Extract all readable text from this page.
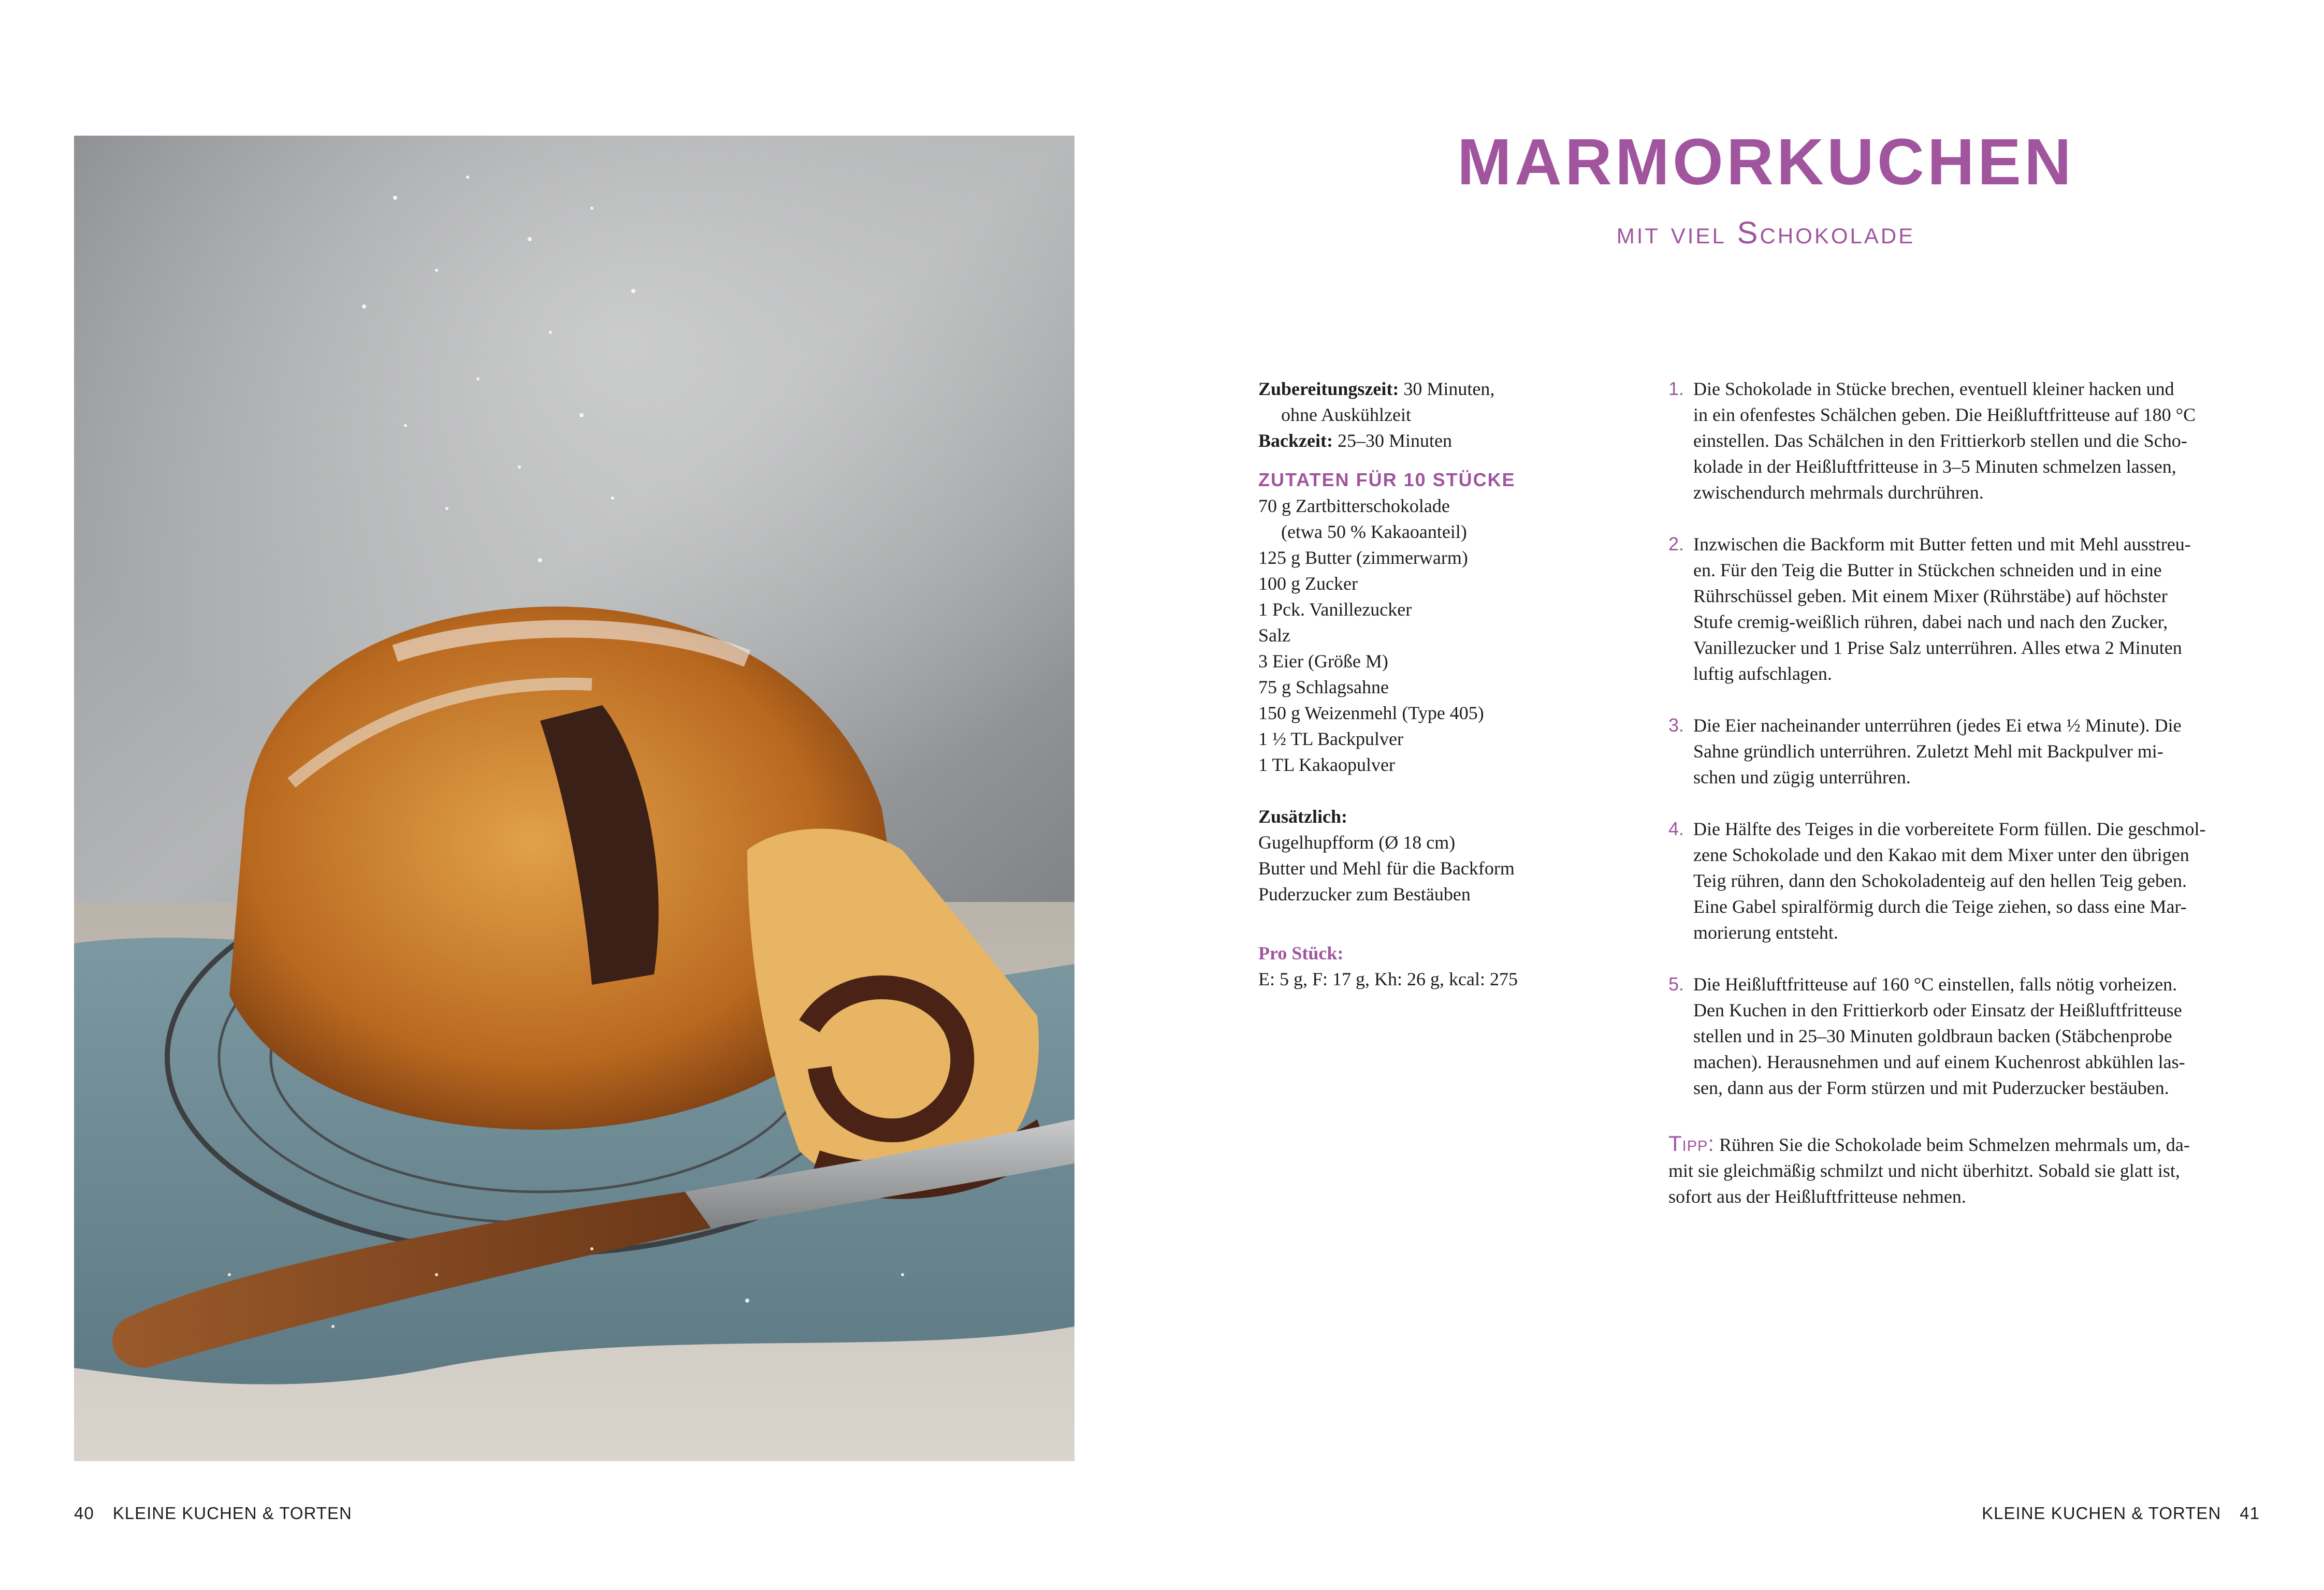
MARMORKUCHEN
mit viel Schokolade

Zubereitungszeit: 30 Minuten,

ohne Auskühlzeit

Backzeit: 25–30 Minuten

ZUTATEN FÜR 10 STÜCKE

70 g Zartbitterschokolade

(etwa 50 % Kakaoanteil)

125 g Butter (zimmerwarm)

100 g Zucker

1 Pck. Vanillezucker

Salz

3 Eier (Größe M)

75 g Schlagsahne

150 g Weizenmehl (Type 405)

1 ½ TL Backpulver

1 TL Kakaopulver

Zusätzlich:

Gugelhupfform (Ø 18 cm)

Butter und Mehl für die Backform

Puderzucker zum Bestäuben

Pro Stück:

E: 5 g, F: 17 g, Kh: 26 g, kcal: 275

1. Die Schokolade in Stücke brechen, eventuell kleiner hacken und
in ein ofenfestes Schälchen geben. Die Heißluftfritteuse auf 180 °C
einstellen. Das Schälchen in den Frittierkorb stellen und die Scho-
kolade in der Heißluftfritteuse in 3–5 Minuten schmelzen lassen,
zwischendurch mehrmals durchrühren.
2. Inzwischen die Backform mit Butter fetten und mit Mehl ausstreu-
en. Für den Teig die Butter in Stückchen schneiden und in eine
Rührschüssel geben. Mit einem Mixer (Rührstäbe) auf höchster
Stufe cremig-weißlich rühren, dabei nach und nach den Zucker,
Vanillezucker und 1 Prise Salz unterrühren. Alles etwa 2 Minuten
luftig aufschlagen.
3. Die Eier nacheinander unterrühren (jedes Ei etwa ½ Minute). Die
Sahne gründlich unterrühren. Zuletzt Mehl mit Backpulver mi-
schen und zügig unterrühren.
4. Die Hälfte des Teiges in die vorbereitete Form füllen. Die geschmol-
zene Schokolade und den Kakao mit dem Mixer unter den übrigen
Teig rühren, dann den Schokoladenteig auf den hellen Teig geben.
Eine Gabel spiralförmig durch die Teige ziehen, so dass eine Mar-
morierung entsteht.
5. Die Heißluftfritteuse auf 160 °C einstellen, falls nötig vorheizen.
Den Kuchen in den Frittierkorb oder Einsatz der Heißluftfritteuse
stellen und in 25–30 Minuten goldbraun backen (Stäbchenprobe
machen). Herausnehmen und auf einem Kuchenrost abkühlen las-
sen, dann aus der Form stürzen und mit Puderzucker bestäuben.
Tipp: Rühren Sie die Schokolade beim Schmelzen mehrmals um, da-
mit sie gleichmäßig schmilzt und nicht überhitzt. Sobald sie glatt ist,
sofort aus der Heißluftfritteuse nehmen.
40 KLEINE KUCHEN & TORTEN	KLEINE KUCHEN & TORTEN 41
